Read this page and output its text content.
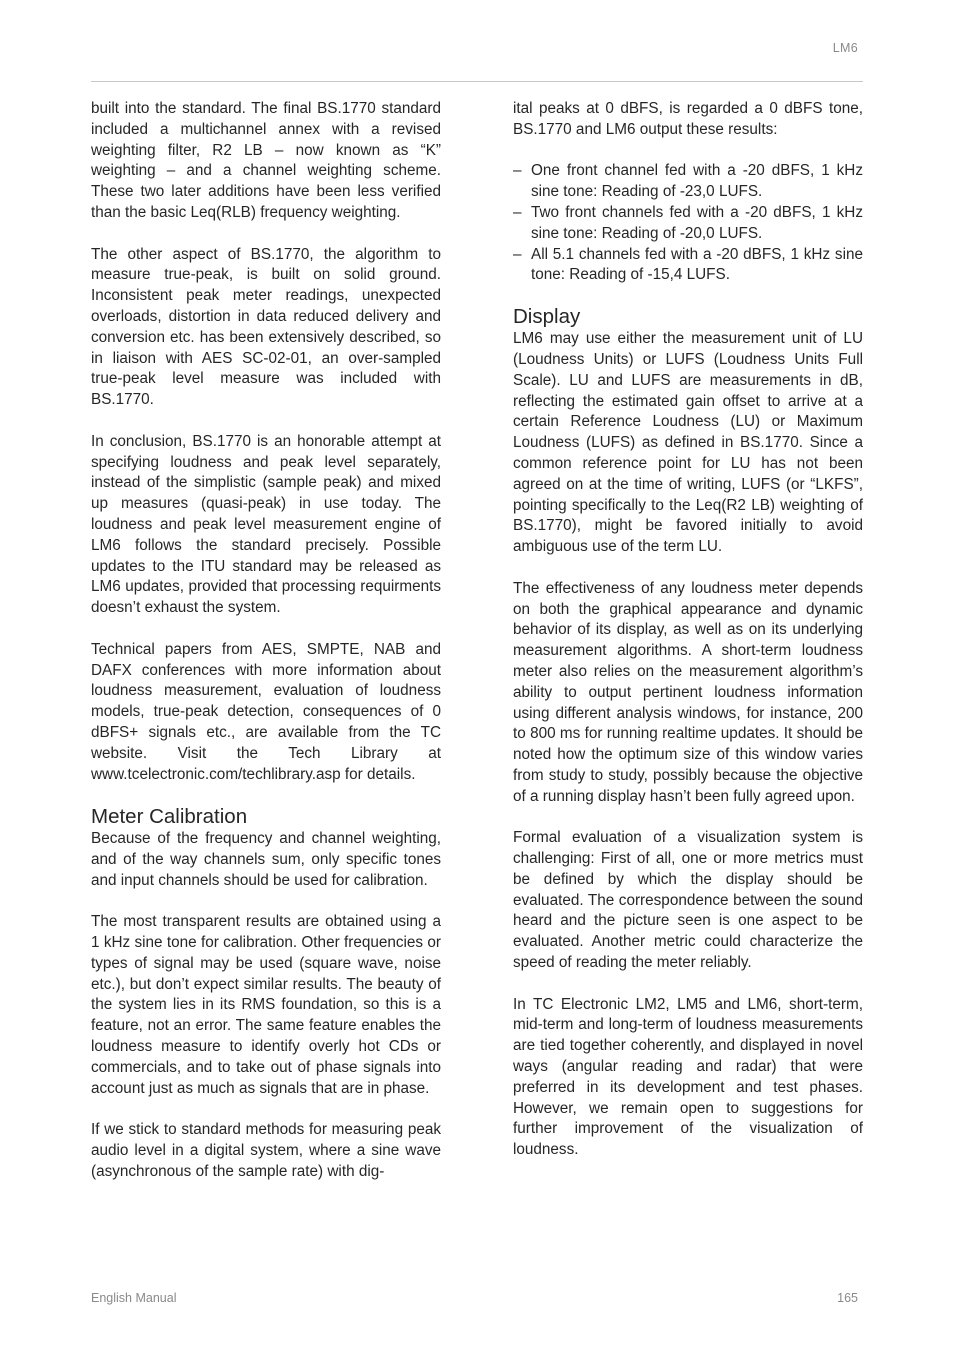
LM6

built into the standard. The final BS.1770 standard included a multichannel annex with a revised weighting filter, R2 LB – now known as “K” weighting – and a channel weighting scheme. These two later additions have been less verified than the basic Leq(RLB) frequency weighting.

The other aspect of BS.1770, the algorithm to measure true-peak, is built on solid ground. Inconsistent peak meter readings, unexpected overloads, distortion in data reduced delivery and conversion etc. has been extensively described, so in liaison with AES SC-02-01, an over-sampled true-peak level measure was included with BS.1770.

In conclusion, BS.1770 is an honorable attempt at specifying loudness and peak level separately, instead of the simplistic (sample peak) and mixed up measures (quasi-peak) in use today. The loudness and peak level measurement engine of LM6 follows the standard precisely. Possible updates to the ITU standard may be released as LM6 updates, provided that processing requirments doesn’t exhaust the system.

Technical papers from AES, SMPTE, NAB and DAFX conferences with more information about loudness measurement, evaluation of loudness models, true-peak detection, consequences of 0 dBFS+ signals etc., are available from the TC website. Visit the Tech Library at www.tcelectronic.com/techlibrary.asp for details.

Meter Calibration

Because of the frequency and channel weighting, and of the way channels sum, only specific tones and input channels should be used for calibration.

The most transparent results are obtained using a 1 kHz sine tone for calibration. Other frequencies or types of signal may be used (square wave, noise etc.), but don’t expect similar results. The beauty of the system lies in its RMS foundation, so this is a feature, not an error. The same feature enables the loudness measure to identify overly hot CDs or commercials, and to take out of phase signals into account just as much as signals that are in phase.

If we stick to standard methods for measuring peak audio level in a digital system, where a sine wave (asynchronous of the sample rate) with dig-

ital peaks at 0 dBFS, is regarded a 0 dBFS tone, BS.1770 and LM6 output these results:

– One front channel fed with a -20 dBFS, 1 kHz sine tone: Reading of -23,0 LUFS.
– Two front channels fed with a -20 dBFS, 1 kHz sine tone: Reading of -20,0 LUFS.
– All 5.1 channels fed with a -20 dBFS, 1 kHz sine tone: Reading of -15,4 LUFS.
Display

LM6 may use either the measurement unit of LU (Loudness Units) or LUFS (Loudness Units Full Scale). LU and LUFS are measurements in dB, reflecting the estimated gain offset to arrive at a certain Reference Loudness (LU) or Maximum Loudness (LUFS) as defined in BS.1770. Since a common reference point for LU has not been agreed on at the time of writing, LUFS (or “LKFS”, pointing specifically to the Leq(R2 LB) weighting of BS.1770), might be favored initially to avoid ambiguous use of the term LU.

The effectiveness of any loudness meter depends on both the graphical appearance and dynamic behavior of its display, as well as on its underlying measurement algorithms. A short-term loudness meter also relies on the measurement algorithm’s ability to output pertinent loudness information using different analysis windows, for instance, 200 to 800 ms for running realtime updates. It should be noted how the optimum size of this window varies from study to study, possibly because the objective of a running display hasn’t been fully agreed upon.

Formal evaluation of a visualization system is challenging: First of all, one or more metrics must be defined by which the display should be evaluated. The correspondence between the sound heard and the picture seen is one aspect to be evaluated. Another metric could characterize the speed of reading the meter reliably.

In TC Electronic LM2, LM5 and LM6, short-term, mid-term and long-term of loudness measurements are tied together coherently, and displayed in novel ways (angular reading and radar) that were preferred in its development and test phases. However, we remain open to suggestions for further improvement of the visualization of loudness.

English Manual	165
